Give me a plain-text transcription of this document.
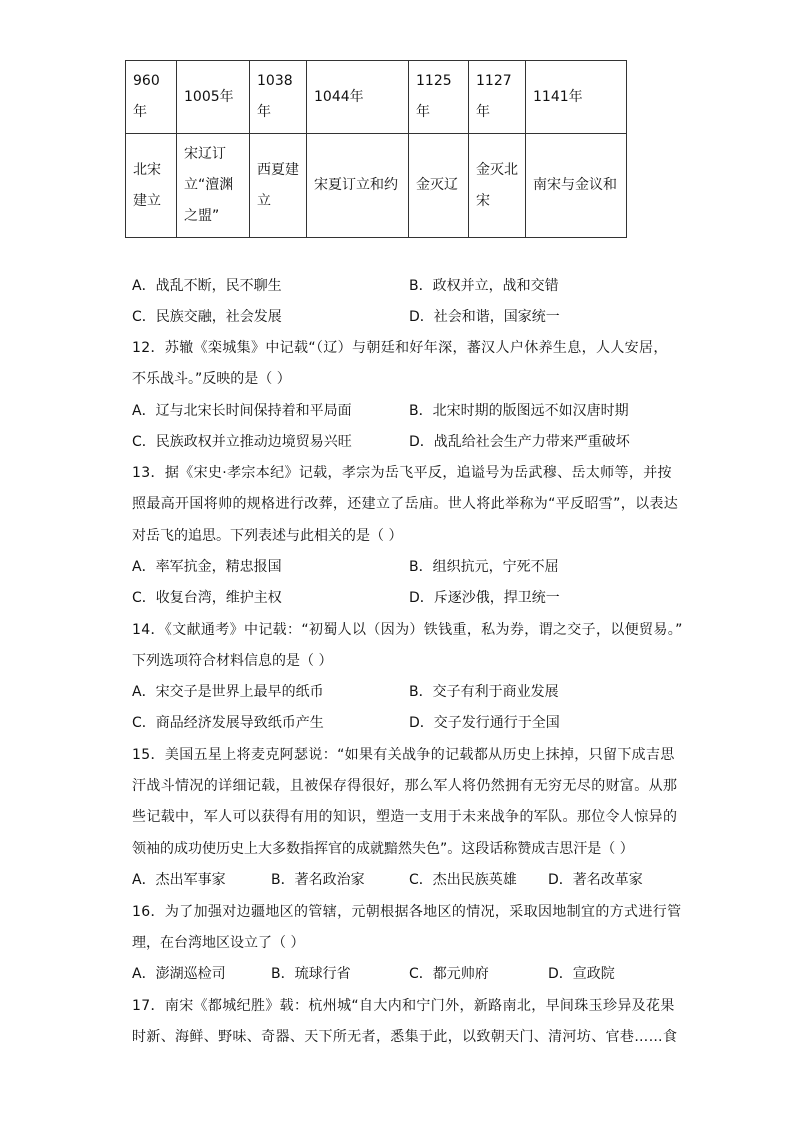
960年	1005年	1038年	1044年	1125年	1127年	1141年

北宋建立	宋辽订立“澶渊之盟”	西夏建立	宋夏订立和约	金灭辽	金灭北宋	南宋与金议和
A．战乱不断，民不聊生	B．政权并立，战和交错
C．民族交融，社会发展	D．社会和谐，国家统一
12．苏辙《栾城集》中记载“（辽）与朝廷和好年深，蕃汉人户休养生息，人人安居，
不乐战斗。”反映的是（ ）
A．辽与北宋长时间保持着和平局面	B．北宋时期的版图远不如汉唐时期
C．民族政权并立推动边境贸易兴旺	D．战乱给社会生产力带来严重破坏
13．据《宋史·孝宗本纪》记载，孝宗为岳飞平反，追谥号为岳武穆、岳太师等，并按
照最高开国将帅的规格进行改葬，还建立了岳庙。世人将此举称为“平反昭雪”，以表达
对岳飞的追思。下列表述与此相关的是（ ）
A．率军抗金，精忠报国	B．组织抗元，宁死不屈
C．收复台湾，维护主权	D．斥逐沙俄，捍卫统一
14．《文献通考》中记载：“初蜀人以（因为）铁钱重，私为券，谓之交子，以便贸易。”
下列选项符合材料信息的是（ ）
A．宋交子是世界上最早的纸币	B．交子有利于商业发展
C．商品经济发展导致纸币产生	D．交子发行通行于全国
15．美国五星上将麦克阿瑟说：“如果有关战争的记载都从历史上抹掉，只留下成吉思
汗战斗情况的详细记载，且被保存得很好，那么军人将仍然拥有无穷无尽的财富。从那
些记载中，军人可以获得有用的知识，塑造一支用于未来战争的军队。那位令人惊异的
领袖的成功使历史上大多数指挥官的成就黯然失色”。这段话称赞成吉思汗是（ ）
A．杰出军事家	B．著名政治家	C．杰出民族英雄 D．著名改革家
16．为了加强对边疆地区的管辖，元朝根据各地区的情况，采取因地制宜的方式进行管
理，在台湾地区设立了（ ）
A．澎湖巡检司	B．琉球行省	C．都元帅府	D．宣政院
17．南宋《都城纪胜》载：杭州城“自大内和宁门外，新路南北，早间珠玉珍异及花果
时新、海鲜、野味、奇器、天下所无者，悉集于此，以致朝天门、清河坊、官巷……食
